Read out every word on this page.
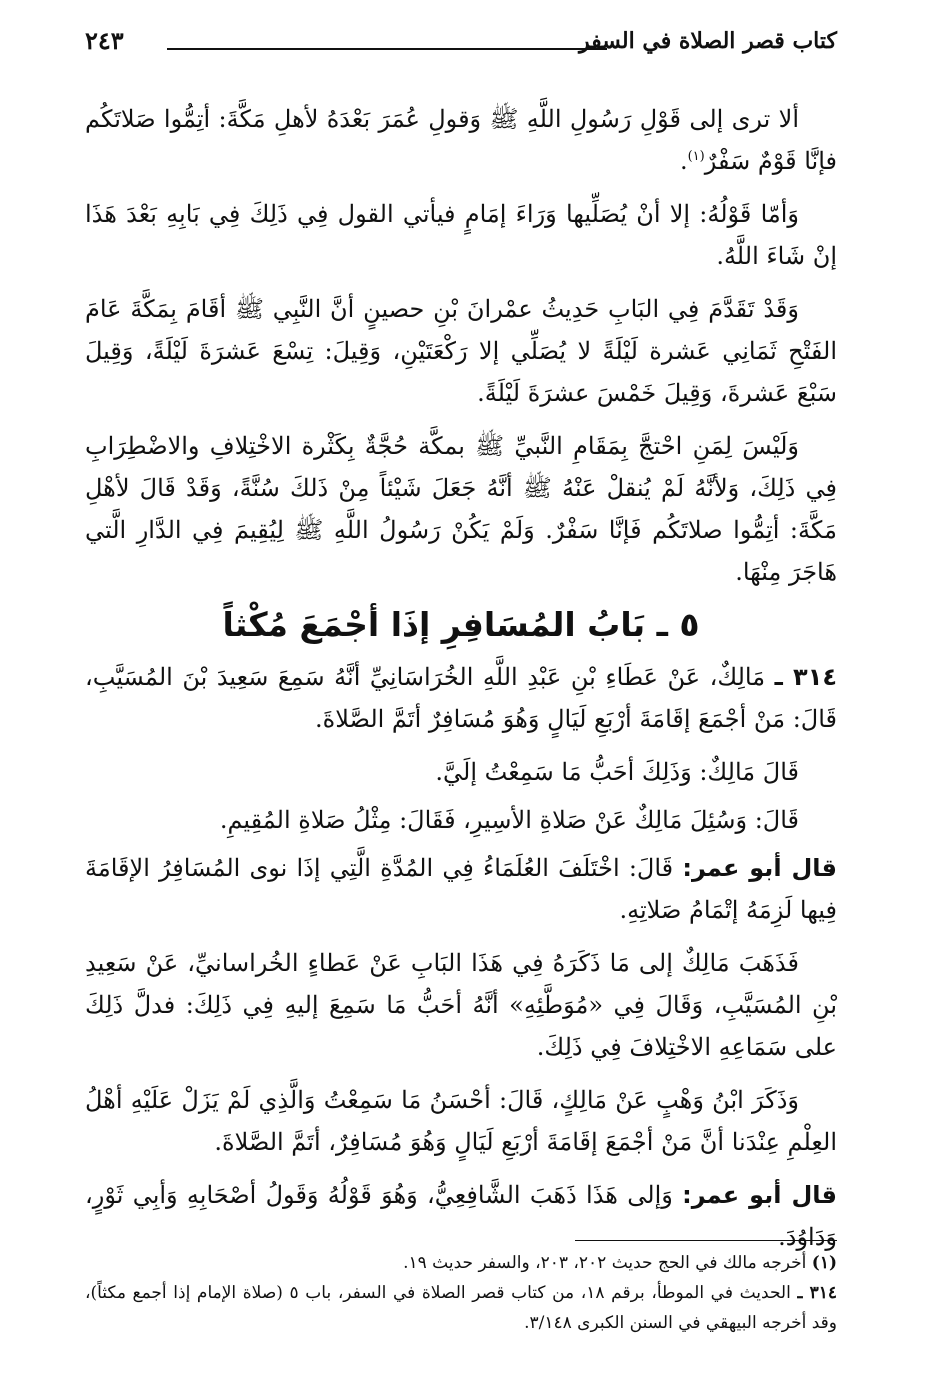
كتاب قصر الصلاة في السفر
٢٤٣

ألا ترى إلى قَوْلِ رَسُولِ اللَّهِ ﷺ وَقولِ عُمَرَ بَعْدَهُ لأهلِ مَكَّةَ: أتِمُّوا صَلاتَكُم فإنَّا قَوْمٌ سَفْرٌ$^{(١)}$.

وَأمّا قَوْلُهُ: إلا أنْ يُصَلِّيها وَرَاءَ إمَامٍ فيأتي القول فِي ذَلِكَ فِي بَابِهِ بَعْدَ هَذَا إنْ شَاءَ اللَّهُ.

وَقَدْ تَقَدَّمَ فِي البَابِ حَدِيثُ عمْرانَ بْنِ حصينٍ أنَّ النَّبِي ﷺ أقَامَ بِمَكَّةَ عَامَ الفَتْحِ ثَمَانِي عَشرة لَيْلَةً لا يُصَلِّي إلا رَكْعَتَيْنِ، وَقِيلَ: تِسْعَ عَشرَةَ لَيْلَةً، وَقِيلَ سَبْعَ عَشرةَ، وَقِيلَ خَمْسَ عشرَةَ لَيْلَةً.

وَلَيْسَ لِمَنِ احْتجَّ بِمَقَامِ النَّبيِّ ﷺ بمكَّة حُجَّةٌ بِكَثْرة الاخْتِلافِ والاضْطِرَابِ فِي ذَلِكَ، وَلأنَّهُ لَمْ يُنقلْ عَنْهُ ﷺ أنَّهُ جَعَلَ شَيْئاً مِنْ ذَلكَ سُنَّةً، وَقَدْ قَالَ لأهْلِ مَكَّةَ: أتِمُّوا صلاتَكُم فَإنَّا سَفْرٌ. وَلَمْ يَكُنْ رَسُولُ اللَّهِ ﷺ لِيُقِيمَ فِي الدَّارِ الَّتي هَاجَرَ مِنْهَا.

٥ ـ بَابُ المُسَافِرِ إذَا أجْمَعَ مُكْثاً

٣١٤ ـ مَالِكٌ، عَنْ عَطَاءِ بْنِ عَبْدِ اللَّهِ الخُرَاسَانِيِّ أنَّهُ سَمِعَ سَعِيدَ بْنَ المُسَيَّبِ، قَالَ: مَنْ أجْمَعَ إقَامَةَ أرْبَعِ لَيَالٍ وَهُوَ مُسَافِرٌ أتَمَّ الصَّلاةَ.

قَالَ مَالِكٌ: وَذَلِكَ أحَبُّ مَا سَمِعْتُ إلَيَّ.

قَالَ: وَسُئِلَ مَالِكٌ عَنْ صَلاةِ الأسِيرِ، فَقَالَ: مِثْلُ صَلاةِ المُقِيمِ.

قال أبو عمر: قَالَ: اخْتَلَفَ العُلَمَاءُ فِي المُدَّةِ الَّتِي إذَا نوى المُسَافِرُ الإقَامَةَ فِيها لَزِمَهُ إتْمَامُ صَلاتِهِ.

فَذَهَبَ مَالِكٌ إلى مَا ذَكَرَهُ فِي هَذَا البَابِ عَنْ عَطاءٍ الخُراسانيِّ، عَنْ سَعِيدِ بْنِ المُسَيَّبِ، وَقَالَ فِي «مُوَطَّئِهِ» أنَّهُ أحَبُّ مَا سَمِعَ إليهِ فِي ذَلِكَ: فدلَّ ذَلِكَ على سَمَاعِهِ الاخْتِلافَ فِي ذَلِكَ.

وَذَكَرَ ابْنُ وَهْبٍ عَنْ مَالِكٍ، قَالَ: أحْسَنُ مَا سَمِعْتُ وَالَّذِي لَمْ يَزَلْ عَلَيْهِ أهْلُ العِلْمِ عِنْدَنا أنَّ مَنْ أجْمَعَ إقَامَةَ أرْبَعِ لَيَالٍ وَهُوَ مُسَافِرٌ، أتَمَّ الصَّلاةَ.

قال أبو عمر: وَإلى هَذَا ذَهَبَ الشَّافِعِيُّ، وَهُوَ قَوْلُهُ وَقَولُ أصْحَابِهِ وَأبِي ثَوْرٍ، وَدَاوُدَ.

(١) أخرجه مالك في الحج حديث ٢٠٢، ٢٠٣، والسفر حديث ١٩.

٣١٤ ـ الحديث في الموطأ، برقم ١٨، من كتاب قصر الصلاة في السفر، باب ٥ (صلاة الإمام إذا أجمع مكثاً)، وقد أخرجه البيهقي في السنن الكبرى ٣/١٤٨.
